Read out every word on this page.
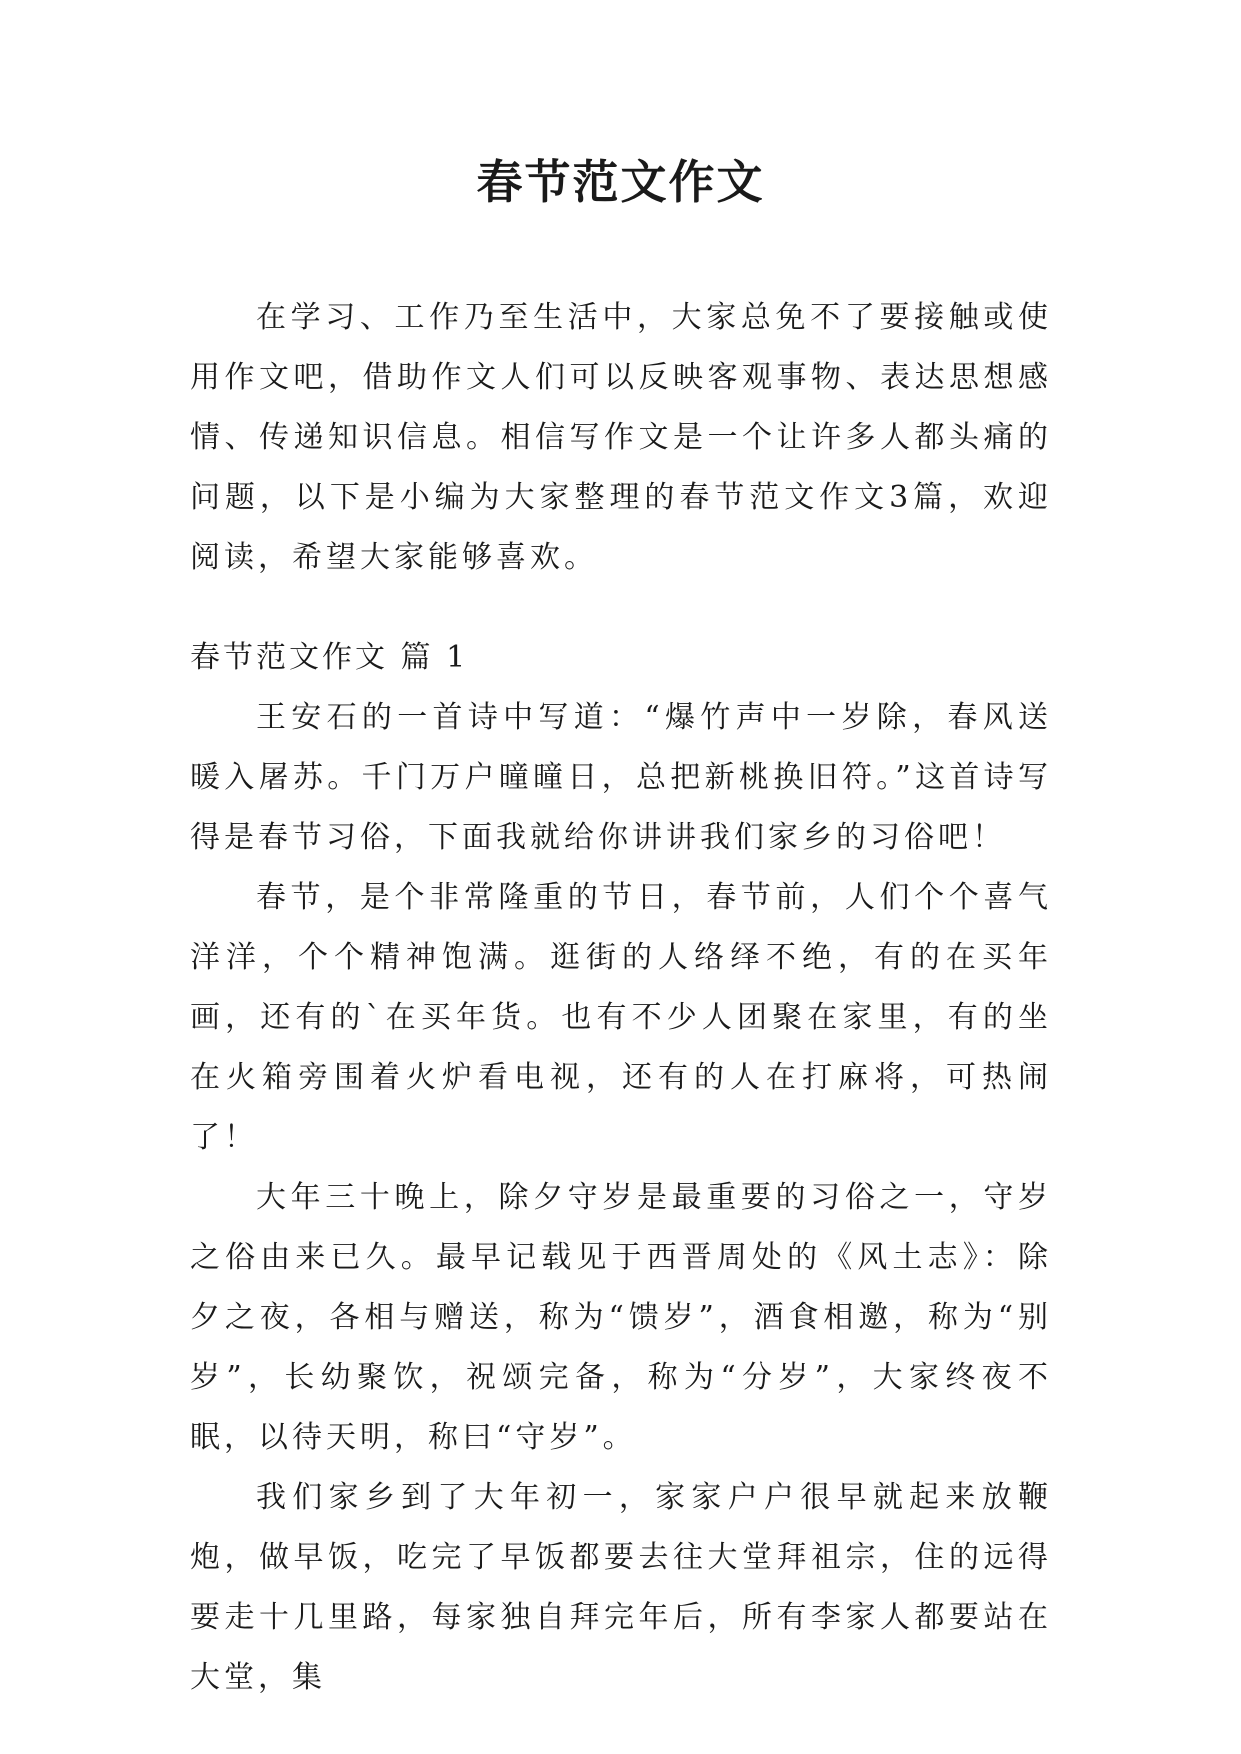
春节范文作文

在学习、工作乃至生活中，大家总免不了要接触或使用作文吧，借助作文人们可以反映客观事物、表达思想感情、传递知识信息。相信写作文是一个让许多人都头痛的问题，以下是小编为大家整理的春节范文作文3篇，欢迎阅读，希望大家能够喜欢。

春节范文作文 篇 1

王安石的一首诗中写道：“爆竹声中一岁除，春风送暖入屠苏。千门万户曈曈日，总把新桃换旧符。”这首诗写得是春节习俗，下面我就给你讲讲我们家乡的习俗吧！

春节，是个非常隆重的节日，春节前，人们个个喜气洋洋，个个精神饱满。逛街的人络绎不绝，有的在买年画，还有的`在买年货。也有不少人团聚在家里，有的坐在火箱旁围着火炉看电视，还有的人在打麻将，可热闹了！

大年三十晚上，除夕守岁是最重要的习俗之一，守岁之俗由来已久。最早记载见于西晋周处的《风土志》：除夕之夜，各相与赠送，称为“馈岁”，酒食相邀，称为“别岁”，长幼聚饮，祝颂完备，称为“分岁”，大家终夜不眠，以待天明，称曰“守岁”。

我们家乡到了大年初一，家家户户很早就起来放鞭炮，做早饭，吃完了早饭都要去往大堂拜祖宗，住的远得要走十几里路，每家独自拜完年后，所有李家人都要站在大堂，集
